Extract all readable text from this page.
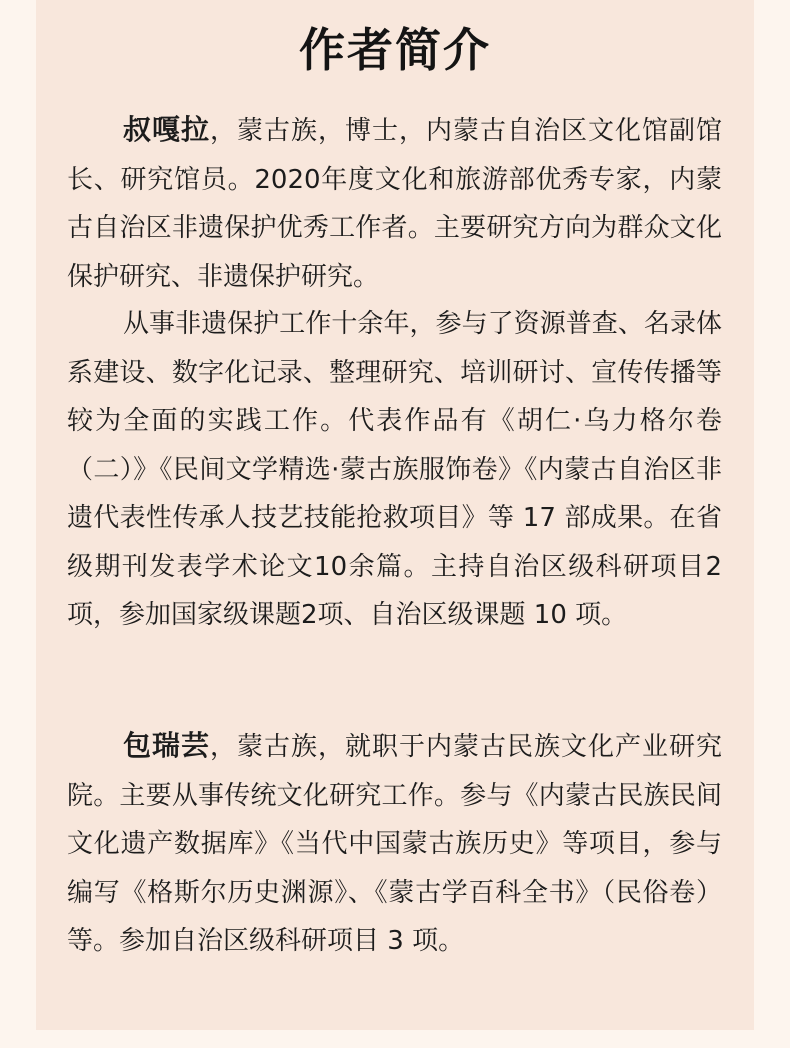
作者简介

叔嘎拉，蒙古族，博士，内蒙古自治区文化馆副馆长、研究馆员。2020年度文化和旅游部优秀专家，内蒙古自治区非遗保护优秀工作者。主要研究方向为群众文化保护研究、非遗保护研究。

从事非遗保护工作十余年，参与了资源普查、名录体系建设、数字化记录、整理研究、培训研讨、宣传传播等较为全面的实践工作。代表作品有《胡仁·乌力格尔卷（二）》《民间文学精选·蒙古族服饰卷》《内蒙古自治区非遗代表性传承人技艺技能抢救项目》等 17 部成果。在省级期刊发表学术论文10余篇。主持自治区级科研项目2项，参加国家级课题2项、自治区级课题 10 项。

包瑞芸，蒙古族，就职于内蒙古民族文化产业研究院。主要从事传统文化研究工作。参与《内蒙古民族民间文化遗产数据库》《当代中国蒙古族历史》等项目，参与编写《格斯尔历史渊源》、《蒙古学百科全书》（民俗卷）等。参加自治区级科研项目 3 项。
